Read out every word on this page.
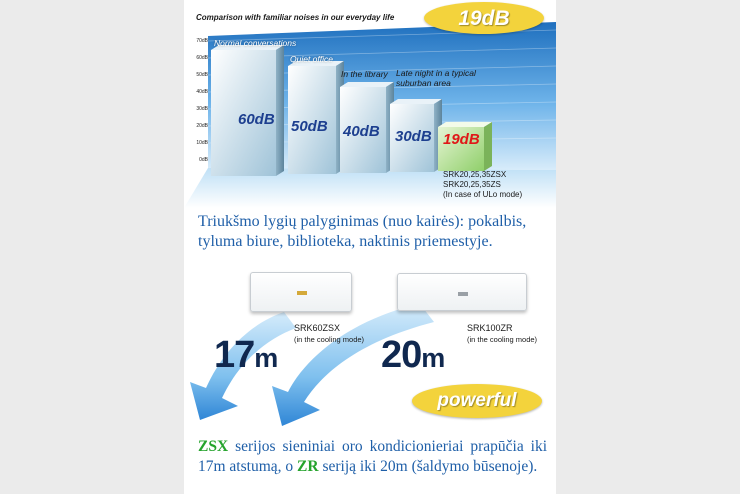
Comparison with familiar noises in our everyday life	19dB
70dB
60dB
50dB
40dB
30dB
20dB
10dB
0dB
Normal conversations
Quiet office
In the library Late night in a typical suburban area
60dB 50dB 40dB 30dB 19dB
SRK20,25,35ZSX
SRK20,25,35ZS
(In case of ULo mode)
Triukšmo lygių palyginimas (nuo kairės): pokalbis, tyluma biure, biblioteka, naktinis priemestyje.
SRK60ZSX
(in the cooling mode)
SRK100ZR
(in the cooling mode)
17m	20m
powerful
ZSX serijos sieniniai oro kondicionieriai prapūčia iki 17m atstumą, o ZR seriją iki 20m (šaldymo būsenoje).
